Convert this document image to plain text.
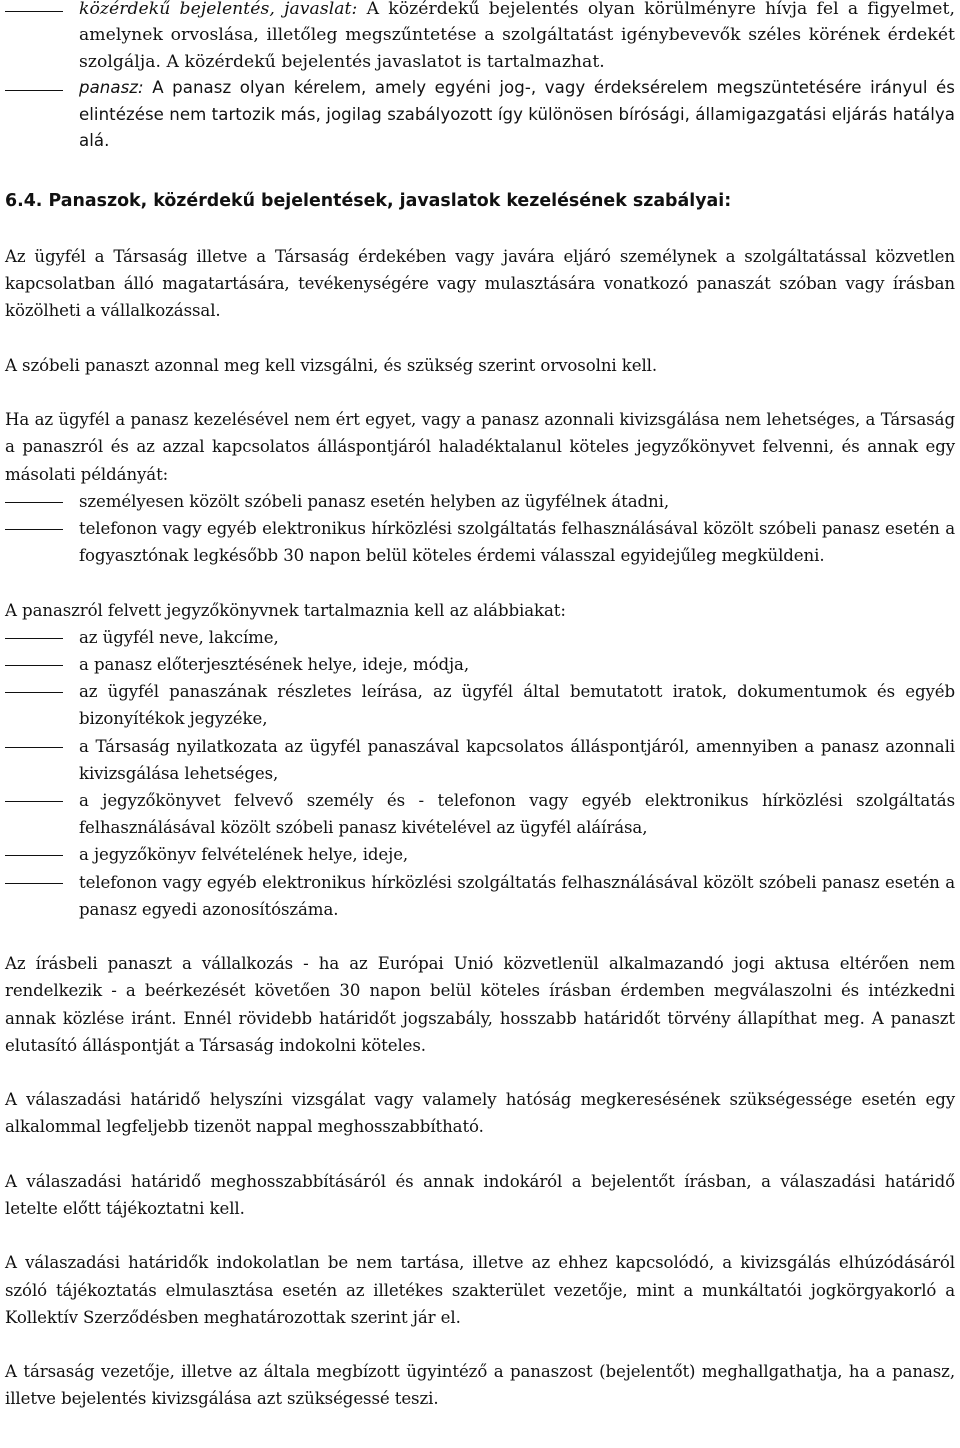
közérdekű bejelentés, javaslat: A közérdekű bejelentés olyan körülményre hívja fel a figyelmet, amelynek orvoslása, illetőleg megszűntetése a szolgáltatást igénybevevők széles körének érdekét szolgálja. A közérdekű bejelentés javaslatot is tartalmazhat.
panasz: A panasz olyan kérelem, amely egyéni jog-, vagy érdeksérelem megszüntetésére irányul és elintézése nem tartozik más, jogilag szabályozott így különösen bírósági, államigazgatási eljárás hatálya alá.
6.4. Panaszok, közérdekű bejelentések, javaslatok kezelésének szabályai:

Az ügyfél a Társaság illetve a Társaság érdekében vagy javára eljáró személynek a szolgáltatással közvetlen kapcsolatban álló magatartására, tevékenységére vagy mulasztására vonatkozó panaszát szóban vagy írásban közölheti a vállalkozással.

A szóbeli panaszt azonnal meg kell vizsgálni, és szükség szerint orvosolni kell.

Ha az ügyfél a panasz kezelésével nem ért egyet, vagy a panasz azonnali kivizsgálása nem lehetséges, a Társaság a panaszról és az azzal kapcsolatos álláspontjáról haladéktalanul köteles jegyzőkönyvet felvenni, és annak egy másolati példányát:

személyesen közölt szóbeli panasz esetén helyben az ügyfélnek átadni,
telefonon vagy egyéb elektronikus hírközlési szolgáltatás felhasználásával közölt szóbeli panasz esetén a fogyasztónak legkésőbb 30 napon belül köteles érdemi válasszal egyidejűleg megküldeni.

A panaszról felvett jegyzőkönyvnek tartalmaznia kell az alábbiakat:

az ügyfél neve, lakcíme,
a panasz előterjesztésének helye, ideje, módja,
az ügyfél panaszának részletes leírása, az ügyfél által bemutatott iratok, dokumentumok és egyéb bizonyítékok jegyzéke,
a Társaság nyilatkozata az ügyfél panaszával kapcsolatos álláspontjáról, amennyiben a panasz azonnali kivizsgálása lehetséges,
a jegyzőkönyvet felvevő személy és - telefonon vagy egyéb elektronikus hírközlési szolgáltatás felhasználásával közölt szóbeli panasz kivételével az ügyfél aláírása,
a jegyzőkönyv felvételének helye, ideje,
telefonon vagy egyéb elektronikus hírközlési szolgáltatás felhasználásával közölt szóbeli panasz esetén a panasz egyedi azonosítószáma.

Az írásbeli panaszt a vállalkozás - ha az Európai Unió közvetlenül alkalmazandó jogi aktusa eltérően nem rendelkezik - a beérkezését követően 30 napon belül köteles írásban érdemben megválaszolni és intézkedni annak közlése iránt. Ennél rövidebb határidőt jogszabály, hosszabb határidőt törvény állapíthat meg. A panaszt elutasító álláspontját a Társaság indokolni köteles.

A válaszadási határidő helyszíni vizsgálat vagy valamely hatóság megkeresésének szükségessége esetén egy alkalommal legfeljebb tizenöt nappal meghosszabbítható.

A válaszadási határidő meghosszabbításáról és annak indokáról a bejelentőt írásban, a válaszadási határidő letelte előtt tájékoztatni kell.

A válaszadási határidők indokolatlan be nem tartása, illetve az ehhez kapcsolódó, a kivizsgálás elhúzódásáról szóló tájékoztatás elmulasztása esetén az illetékes szakterület vezetője, mint a munkáltatói jogkörgyakorló a Kollektív Szerződésben meghatározottak szerint jár el.

A társaság vezetője, illetve az általa megbízott ügyintéző a panaszost (bejelentőt) meghallgathatja, ha a panasz, illetve bejelentés kivizsgálása azt szükségessé teszi.
